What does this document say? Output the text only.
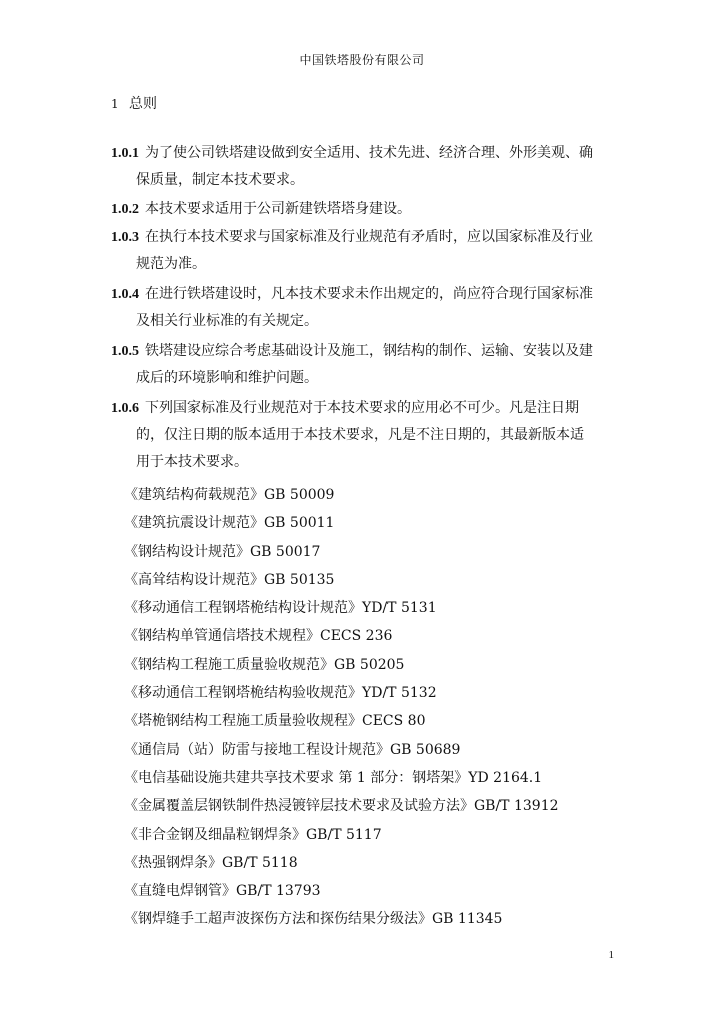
中国铁塔股份有限公司
1 总则
1.0.1 为了使公司铁塔建设做到安全适用、技术先进、经济合理、外形美观、确
保质量，制定本技术要求。
1.0.2 本技术要求适用于公司新建铁塔塔身建设。
1.0.3 在执行本技术要求与国家标准及行业规范有矛盾时，应以国家标准及行业
规范为准。
1.0.4 在进行铁塔建设时，凡本技术要求未作出规定的，尚应符合现行国家标准
及相关行业标准的有关规定。
1.0.5 铁塔建设应综合考虑基础设计及施工，钢结构的制作、运输、安装以及建
成后的环境影响和维护问题。
1.0.6 下列国家标准及行业规范对于本技术要求的应用必不可少。凡是注日期
的，仅注日期的版本适用于本技术要求，凡是不注日期的，其最新版本适
用于本技术要求。
《建筑结构荷载规范》GB 50009
《建筑抗震设计规范》GB 50011
《钢结构设计规范》GB 50017
《高耸结构设计规范》GB 50135
《移动通信工程钢塔桅结构设计规范》YD/T 5131
《钢结构单管通信塔技术规程》CECS 236
《钢结构工程施工质量验收规范》GB 50205
《移动通信工程钢塔桅结构验收规范》YD/T 5132
《塔桅钢结构工程施工质量验收规程》CECS 80
《通信局（站）防雷与接地工程设计规范》GB 50689
《电信基础设施共建共享技术要求 第 1 部分：钢塔架》YD 2164.1
《金属覆盖层钢铁制件热浸镀锌层技术要求及试验方法》GB/T 13912
《非合金钢及细晶粒钢焊条》GB/T 5117
《热强钢焊条》GB/T 5118
《直缝电焊钢管》GB/T 13793
《钢焊缝手工超声波探伤方法和探伤结果分级法》GB 11345
1
